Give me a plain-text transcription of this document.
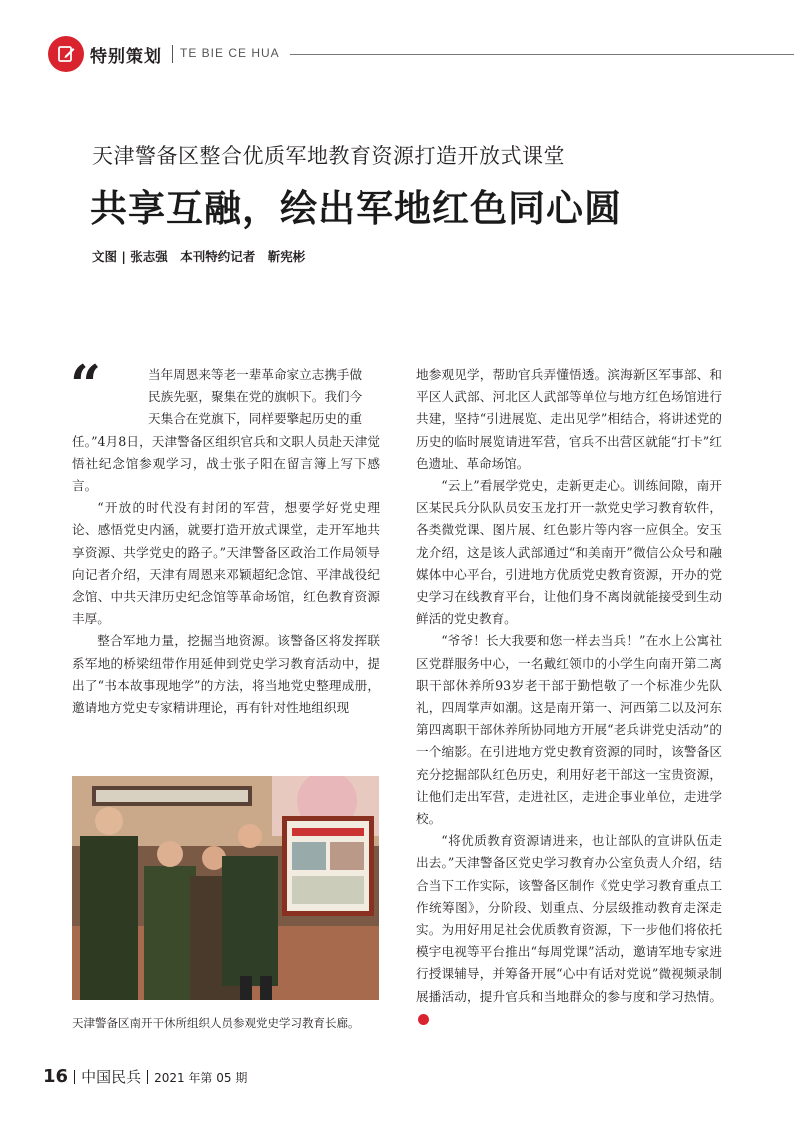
特别策划 TE BIE CE HUA
天津警备区整合优质军地教育资源打造开放式课堂
共享互融，绘出军地红色同心圆
文图 | 张志强　本刊特约记者　靳宪彬
“	当年周恩来等老一辈革命家立志携手做

民族先驱，聚集在党的旗帜下。我们今

天集合在党旗下，同样要擎起历史的重

任。”4月8日，天津警备区组织官兵和文职人员赴天津觉悟社纪念馆参观学习，战士张子阳在留言簿上写下感言。

“开放的时代没有封闭的军营，想要学好党史理论、感悟党史内涵，就要打造开放式课堂，走开军地共享资源、共学党史的路子。”天津警备区政治工作局领导向记者介绍，天津有周恩来邓颖超纪念馆、平津战役纪念馆、中共天津历史纪念馆等革命场馆，红色教育资源丰厚。

整合军地力量，挖掘当地资源。该警备区将发挥联系军地的桥梁纽带作用延伸到党史学习教育活动中，提出了“书本故事现地学”的方法，将当地党史整理成册，邀请地方党史专家精讲理论，再有针对性地组织现

天津警备区南开干休所组织人员参观党史学习教育长廊。

地参观见学，帮助官兵弄懂悟透。滨海新区军事部、和平区人武部、河北区人武部等单位与地方红色场馆进行共建，坚持“引进展览、走出见学”相结合，将讲述党的历史的临时展览请进军营，官兵不出营区就能“打卡”红色遗址、革命场馆。

“云上”看展学党史，走新更走心。训练间隙，南开区某民兵分队队员安玉龙打开一款党史学习教育软件，各类微党课、图片展、红色影片等内容一应俱全。安玉龙介绍，这是该人武部通过“和美南开”微信公众号和融媒体中心平台，引进地方优质党史教育资源，开办的党史学习在线教育平台，让他们身不离岗就能接受到生动鲜活的党史教育。

“爷爷！长大我要和您一样去当兵！”在水上公寓社区党群服务中心，一名戴红领巾的小学生向南开第二离职干部休养所93岁老干部于勤恺敬了一个标准少先队礼，四周掌声如潮。这是南开第一、河西第二以及河东第四离职干部休养所协同地方开展“老兵讲党史活动”的一个缩影。在引进地方党史教育资源的同时，该警备区充分挖掘部队红色历史，利用好老干部这一宝贵资源，让他们走出军营，走进社区，走进企事业单位，走进学校。

“将优质教育资源请进来，也让部队的宣讲队伍走出去。”天津警备区党史学习教育办公室负责人介绍，结合当下工作实际，该警备区制作《党史学习教育重点工作统筹图》，分阶段、划重点、分层级推动教育走深走实。为用好用足社会优质教育资源，下一步他们将依托模宇电视等平台推出“每周党课”活动，邀请军地专家进行授课辅导，并筹备开展“心中有话对党说”微视频录制展播活动，提升官兵和当地群众的参与度和学习热情。

16 中国民兵 2021 年第 05 期
